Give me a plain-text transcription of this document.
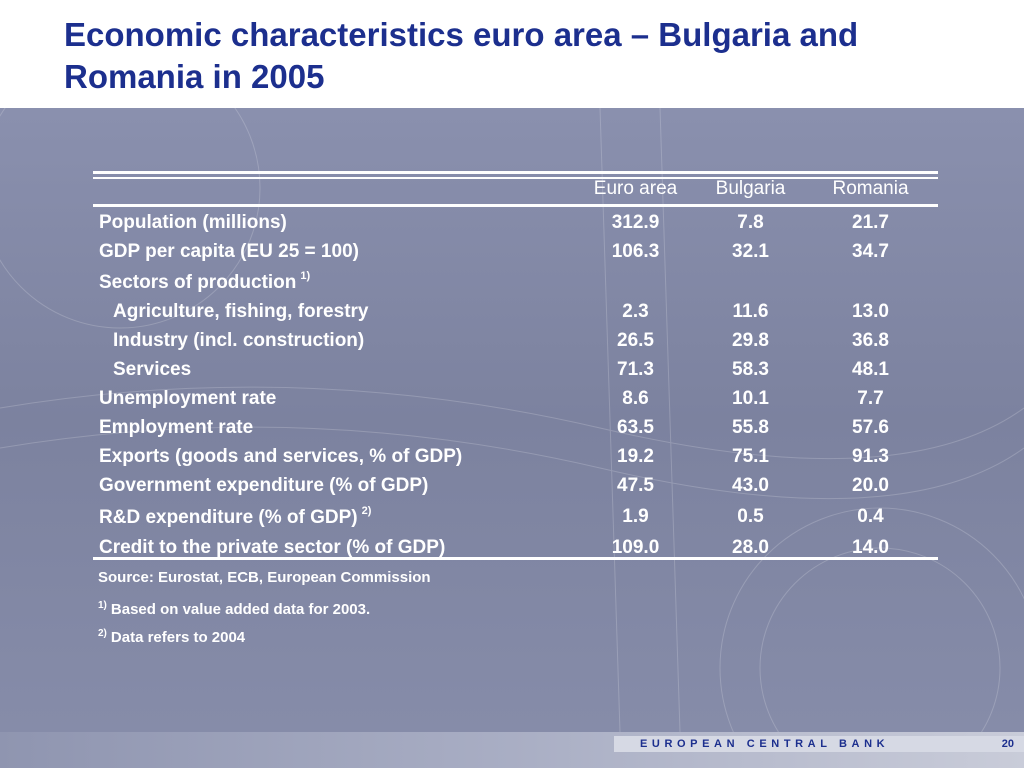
Economic characteristics euro area – Bulgaria and Romania in 2005
	Euro area	Bulgaria	Romania

Population (millions)	312.9	7.8	21.7
GDP per capita (EU 25 = 100)	106.3	32.1	34.7
Sectors of production $^{1)}$			
Agriculture, fishing, forestry	2.3	11.6	13.0
Industry (incl. construction)	26.5	29.8	36.8
Services	71.3	58.3	48.1
Unemployment rate	8.6	10.1	7.7
Employment rate	63.5	55.8	57.6
Exports (goods and services, % of GDP)	19.2	75.1	91.3
Government expenditure (% of GDP)	47.5	43.0	20.0
R&D expenditure (% of GDP) $^{2)}$	1.9	0.5	0.4
Credit to the private sector (% of GDP)	109.0	28.0	14.0
Source: Eurostat, ECB, European Commission
$^{1)}$ Based on value added data for 2003.
$^{2)}$ Data refers to 2004
EUROPEAN CENTRAL BANK	20
